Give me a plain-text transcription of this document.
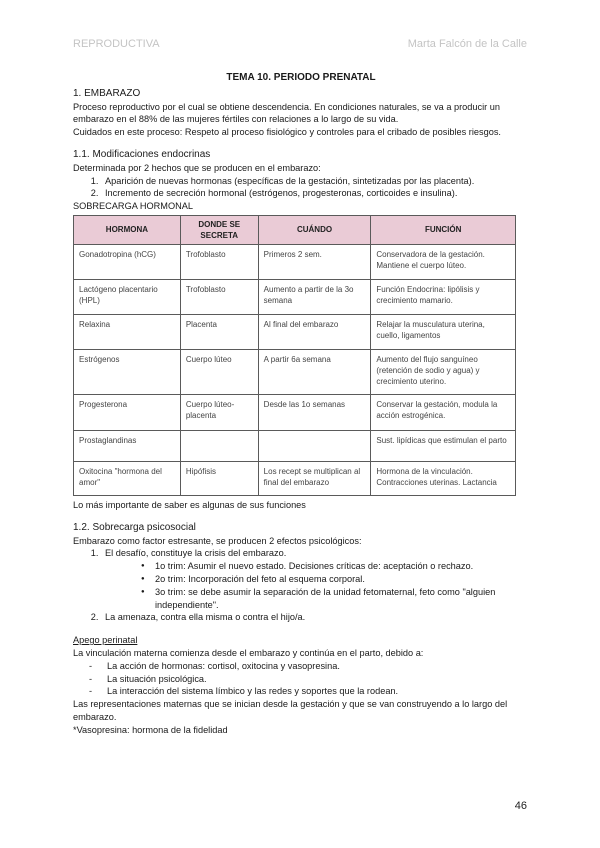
REPRODUCTIVA	Marta Falcón de la Calle
TEMA 10. PERIODO PRENATAL
1. EMBARAZO

Proceso reproductivo por el cual se obtiene descendencia. En condiciones naturales, se va a producir un embarazo en el 88% de las mujeres fértiles con relaciones a lo largo de su vida.

Cuidados en este proceso: Respeto al proceso fisiológico y controles para el cribado de posibles riesgos.

1.1. Modificaciones endocrinas

Determinada por 2 hechos que se producen en el embarazo:

1. Aparición de nuevas hormonas (específicas de la gestación, sintetizadas por las placenta).
2. Incremento de secreción hormonal (estrógenos, progesteronas, corticoides e insulina).
SOBRECARGA HORMONAL
HORMONA	DONDE SE SECRETA	CUÁNDO	FUNCIÓN
Gonadotropina (hCG)	Trofoblasto	Primeros 2 sem.	Conservadora de la gestación. Mantiene el cuerpo lúteo.
Lactógeno placentario (HPL)	Trofoblasto	Aumento a partir de la 3o semana	Función Endocrina: lipólisis y crecimiento mamario.
Relaxina	Placenta	Al final del embarazo	Relajar la musculatura uterina, cuello, ligamentos
Estrógenos	Cuerpo lúteo	A partir 6a semana	Aumento del flujo sanguíneo (retención de sodio y agua) y crecimiento uterino.
Progesterona	Cuerpo lúteo-placenta	Desde las 1o semanas	Conservar la gestación, modula la acción estrogénica.
Prostaglandinas			Sust. lipídicas que estimulan el parto
Oxitocina "hormona del amor"	Hipófisis	Los recept se multiplican al final del embarazo	Hormona de la vinculación. Contracciones uterinas. Lactancia

Lo más importante de saber es algunas de sus funciones

1.2. Sobrecarga psicosocial

Embarazo como factor estresante, se producen 2 efectos psicológicos:

1. El desafío, constituye la crisis del embarazo.
● 1o trim: Asumir el nuevo estado. Decisiones críticas de: aceptación o rechazo.
● 2o trim: Incorporación del feto al esquema corporal.
● 3o trim: se debe asumir la separación de la unidad fetomaternal, feto como "alguien independiente".
2. La amenaza, contra ella misma o contra el hijo/a.
Apego perinatal

La vinculación materna comienza desde el embarazo y continúa en el parto, debido a:

- La acción de hormonas: cortisol, oxitocina y vasopresina.
- La situación psicológica.
- La interacción del sistema límbico y las redes y soportes que la rodean.

Las representaciones maternas que se inician desde la gestación y que se van construyendo a lo largo del embarazo.

*Vasopresina: hormona de la fidelidad

46
